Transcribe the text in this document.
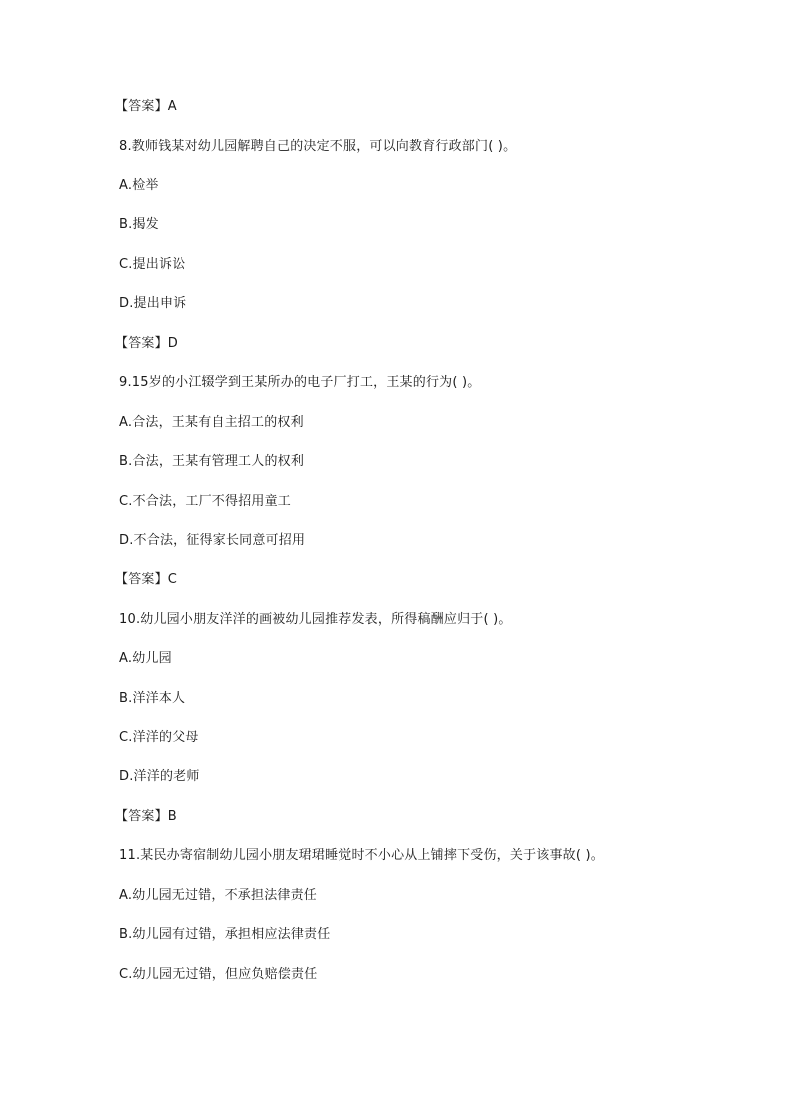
【答案】A
8.教师钱某对幼儿园解聘自己的决定不服，可以向教育行政部门( )。
A.检举
B.揭发
C.提出诉讼
D.提出申诉
【答案】D
9.15岁的小江辍学到王某所办的电子厂打工，王某的行为( )。
A.合法，王某有自主招工的权利
B.合法，王某有管理工人的权利
C.不合法，工厂不得招用童工
D.不合法，征得家长同意可招用
【答案】C
10.幼儿园小朋友洋洋的画被幼儿园推荐发表，所得稿酬应归于( )。
A.幼儿园
B.洋洋本人
C.洋洋的父母
D.洋洋的老师
【答案】B
11.某民办寄宿制幼儿园小朋友珺珺睡觉时不小心从上铺摔下受伤，关于该事故( )。
A.幼儿园无过错，不承担法律责任
B.幼儿园有过错，承担相应法律责任
C.幼儿园无过错，但应负赔偿责任
